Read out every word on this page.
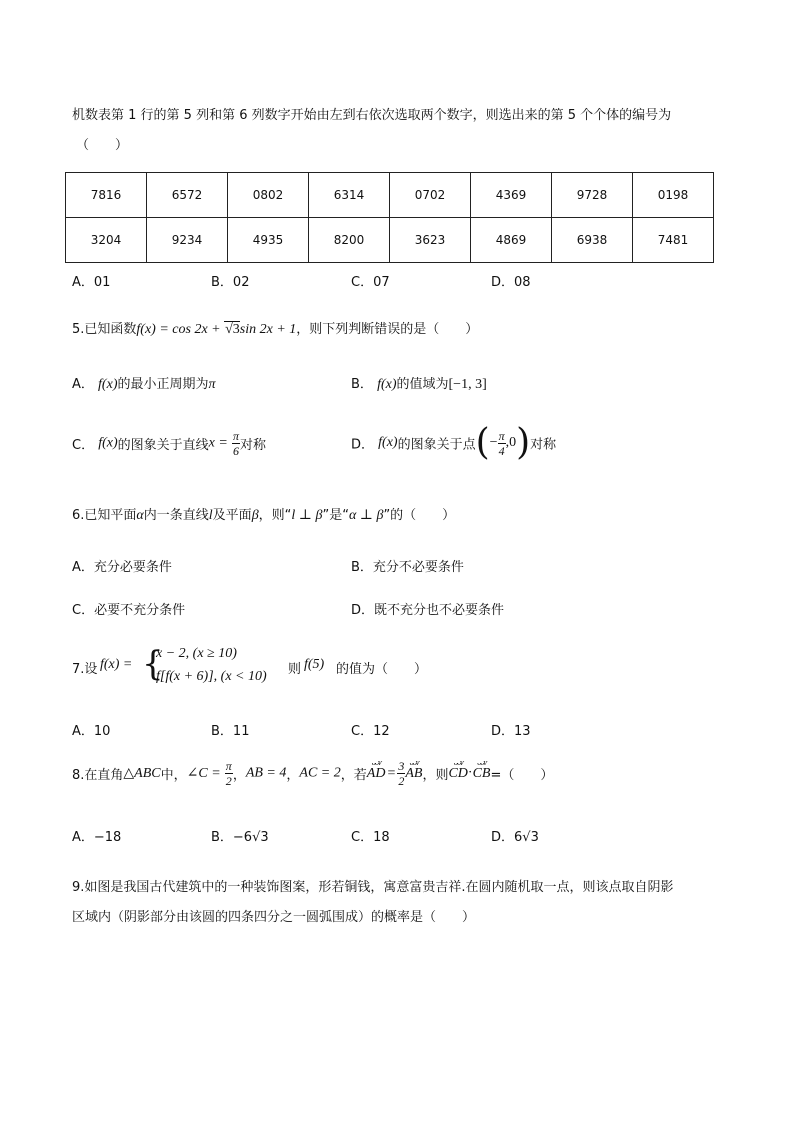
机数表第 1 行的第 5 列和第 6 列数字开始由左到右依次选取两个数字，则选出来的第 5 个个体的编号为
（　　）
7816	6572	0802	6314	0702	4369	9728	0198
3204	9234	4935	8200	3623	4869	6938	7481
A．01	B．02	C．07	D．08
5.已知函数f(x) = cos 2x + √3sin 2x + 1，则下列判断错误的是（　　）
A． f(x)的最小正周期为π	B． f(x)的值域为[−1, 3]
C． f(x)的图象关于直线$x = \frac{\pi}{6}$ 对称	D． f(x)的图象关于点(− $\frac{\pi}{4} ,0$)对称
6.已知平面α内一条直线l及平面β，则“l ⊥ β”是“α ⊥ β”的（　　）
A．充分必要条件	B．充分不必要条件
C．必要不充分条件	D．既不充分也不必要条件
7.设 f(x) = {
x − 2, (x ≥ 10)
f[f(x + 6)], (x < 10) 则 f(5) 的值为（　　）
A．10	B．11	C．12	D．13
8.在直角△ABC中，∠C = $\frac{\pi}{2}$ ，AB = 4，AC = 2，若
ᴗᴗᴠ
AD = $\frac{3}{2}$ ᴗᴗᴠ
AB，则
ᴗᴗᴠ
CD·
ᴗᴗᴠ
CB=（　　）
A．−18	B．−6√3	C．18	D．6√3
9.如图是我国古代建筑中的一种装饰图案，形若铜钱，寓意富贵吉祥.在圆内随机取一点，则该点取自阴影
区域内（阴影部分由该圆的四条四分之一圆弧围成）的概率是（　　）
